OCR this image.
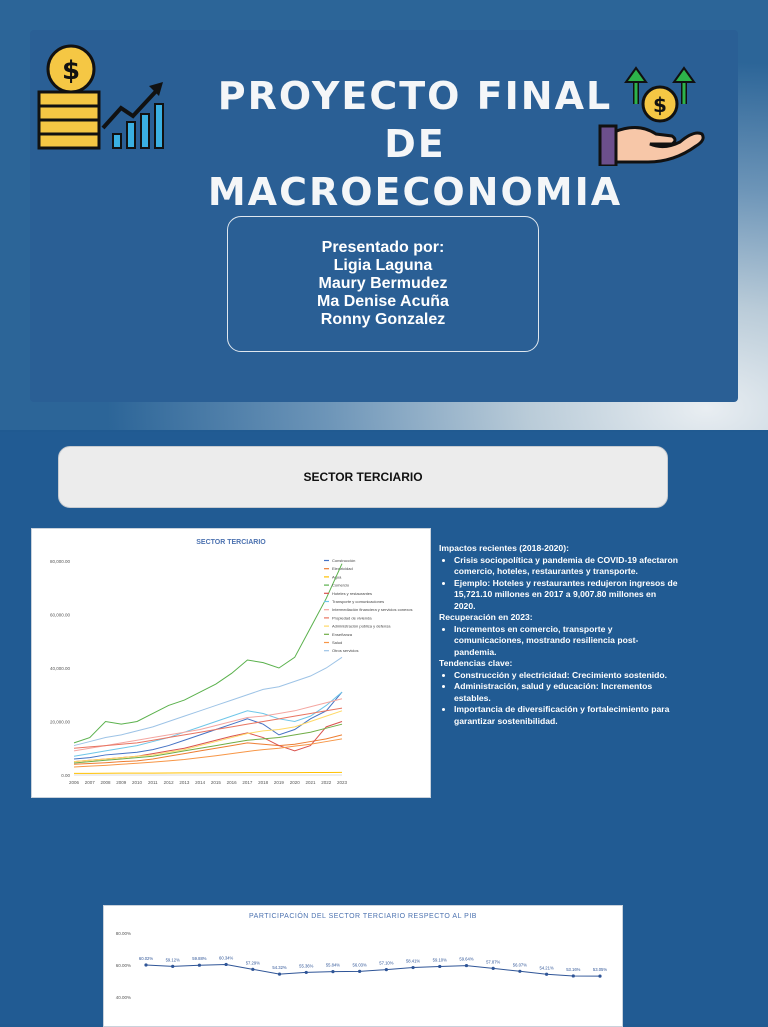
$
PROYECTO FINAL DE
MACROECONOMIA
$
Presentado por:
Ligia Laguna
Maury Bermudez
Ma Denise Acuña
Ronny Gonzalez
SECTOR TERCIARIO
SECTOR TERCIARIO
0.00
20,000.00
40,000.00
60,000.00
80,000.00
2006 2007 2008 2009 2010 2011 2012 2013 2014 2015 2016 2017 2018 2019 2020 2021 2022 2023
Construcción
Electricidad
Agua
Comercio
Hoteles y restaurantes
Transporte y comunicaciones
Intermediación financiera y servicios conexos
Propiedad de vivienda
Administración pública y defensa
Enseñanza
Salud
Otros servicios
Impactos recientes (2018-2020):
• Crisis sociopolítica y pandemia de COVID-19 afectaron comercio, hoteles, restaurantes y transporte.
• Ejemplo: Hoteles y restaurantes redujeron ingresos de 15,721.10 millones en 2017 a 9,007.80 millones en 2020.
Recuperación en 2023:
• Incrementos en comercio, transporte y comunicaciones, mostrando resiliencia post-pandemia.
Tendencias clave:
• Construcción y electricidad: Crecimiento sostenido.
• Administración, salud y educación: Incrementos estables.
• Importancia de diversificación y fortalecimiento para garantizar sostenibilidad.
PARTICIPACIÓN DEL SECTOR TERCIARIO RESPECTO AL PIB
80.00%
60.00%
40.00%
60.02%	59.12%	59.88%	60.34%
57.29%
54.32%	55.36%	55.84%	56.03%	57.10%	58.41%	59.10%	59.64%
57.87%
56.07%
54.21%	53.16%	53.05%
